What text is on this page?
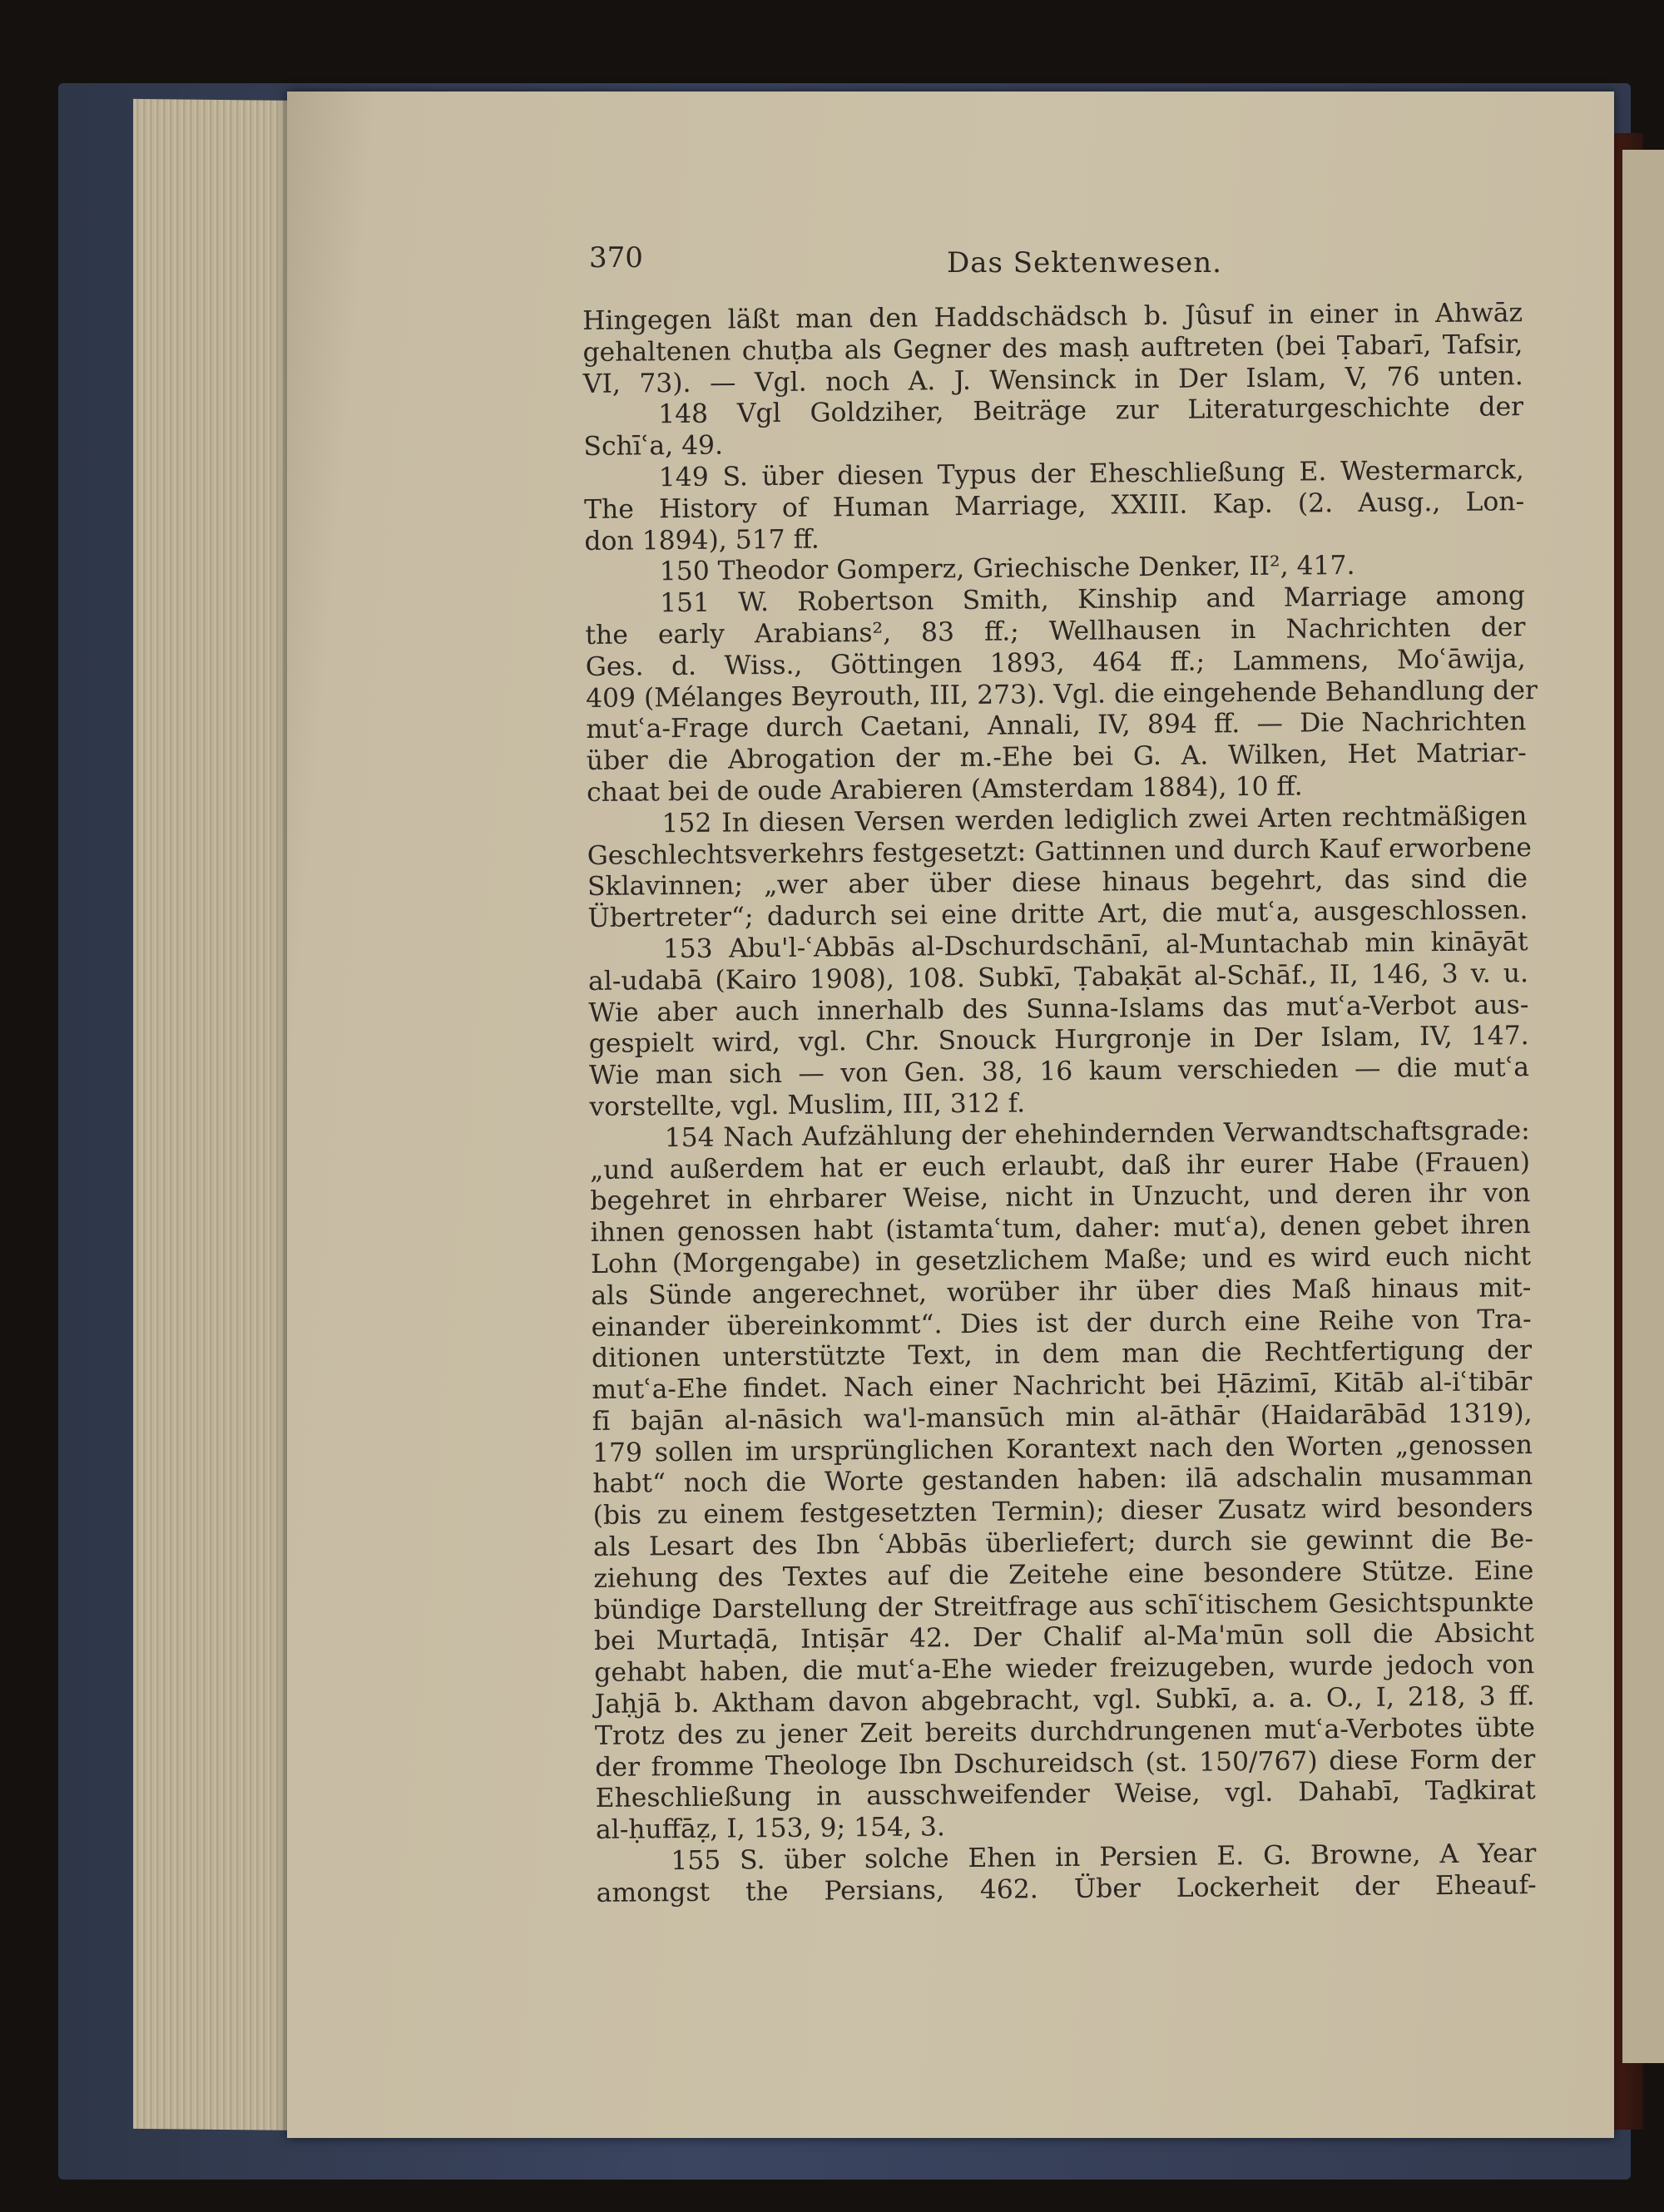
370	Das Sektenwesen.
Hingegen läßt man den Haddschädsch b. Jûsuf in einer in Ahwāz
gehaltenen chuṭba als Gegner des masḥ auftreten (bei Ṭabarī, Tafsir,
VI, 73). — Vgl. noch A. J. Wensinck in Der Islam, V, 76 unten.
148 Vgl Goldziher, Beiträge zur Literaturgeschichte der
Schīʿa, 49.
149 S. über diesen Typus der Eheschließung E. Westermarck,
The History of Human Marriage, XXIII. Kap. (2. Ausg., Lon-
don 1894), 517 ff.
150 Theodor Gomperz, Griechische Denker, II², 417.
151 W. Robertson Smith, Kinship and Marriage among
the early Arabians², 83 ff.; Wellhausen in Nachrichten der
Ges. d. Wiss., Göttingen 1893, 464 ff.; Lammens, Moʿāwija,
409 (Mélanges Beyrouth, III, 273). Vgl. die eingehende Behandlung der
mutʿa-Frage durch Caetani, Annali, IV, 894 ff. — Die Nachrichten
über die Abrogation der m.-Ehe bei G. A. Wilken, Het Matriar-
chaat bei de oude Arabieren (Amsterdam 1884), 10 ff.
152 In diesen Versen werden lediglich zwei Arten rechtmäßigen
Geschlechtsverkehrs festgesetzt: Gattinnen und durch Kauf erworbene
Sklavinnen; „wer aber über diese hinaus begehrt, das sind die
Übertreter“; dadurch sei eine dritte Art, die mutʿa, ausgeschlossen.
153 Abu'l-ʿAbbās al-Dschurdschānī, al-Muntachab min kināyāt
al-udabā (Kairo 1908), 108. Subkī, Ṭabaḳāt al-Schāf., II, 146, 3 v. u.
Wie aber auch innerhalb des Sunna-Islams das mutʿa-Verbot aus-
gespielt wird, vgl. Chr. Snouck Hurgronje in Der Islam, IV, 147.
Wie man sich — von Gen. 38, 16 kaum verschieden — die mutʿa
vorstellte, vgl. Muslim, III, 312 f.
154 Nach Aufzählung der ehehindernden Verwandtschaftsgrade:
„und außerdem hat er euch erlaubt, daß ihr eurer Habe (Frauen)
begehret in ehrbarer Weise, nicht in Unzucht, und deren ihr von
ihnen genossen habt (istamtaʿtum, daher: mutʿa), denen gebet ihren
Lohn (Morgengabe) in gesetzlichem Maße; und es wird euch nicht
als Sünde angerechnet, worüber ihr über dies Maß hinaus mit-
einander übereinkommt“. Dies ist der durch eine Reihe von Tra-
ditionen unterstützte Text, in dem man die Rechtfertigung der
mutʿa-Ehe findet. Nach einer Nachricht bei Ḥāzimī, Kitāb al-iʿtibār
fī bajān al-nāsich wa'l-mansūch min al-āthār (Haidarābād 1319),
179 sollen im ursprünglichen Korantext nach den Worten „genossen
habt“ noch die Worte gestanden haben: ilā adschalin musamman
(bis zu einem festgesetzten Termin); dieser Zusatz wird besonders
als Lesart des Ibn ʿAbbās überliefert; durch sie gewinnt die Be-
ziehung des Textes auf die Zeitehe eine besondere Stütze. Eine
bündige Darstellung der Streitfrage aus schīʿitischem Gesichtspunkte
bei Murtaḍā, Intiṣār 42. Der Chalif al-Ma'mūn soll die Absicht
gehabt haben, die mutʿa-Ehe wieder freizugeben, wurde jedoch von
Jaḥjā b. Aktham davon abgebracht, vgl. Subkī, a. a. O., I, 218, 3 ff.
Trotz des zu jener Zeit bereits durchdrungenen mutʿa-Verbotes übte
der fromme Theologe Ibn Dschureidsch (st. 150/767) diese Form der
Eheschließung in ausschweifender Weise, vgl. Dahabī, Taḏkirat
al-ḥuffāẓ, I, 153, 9; 154, 3.
155 S. über solche Ehen in Persien E. G. Browne, A Year
amongst the Persians, 462. Über Lockerheit der Eheauf-
